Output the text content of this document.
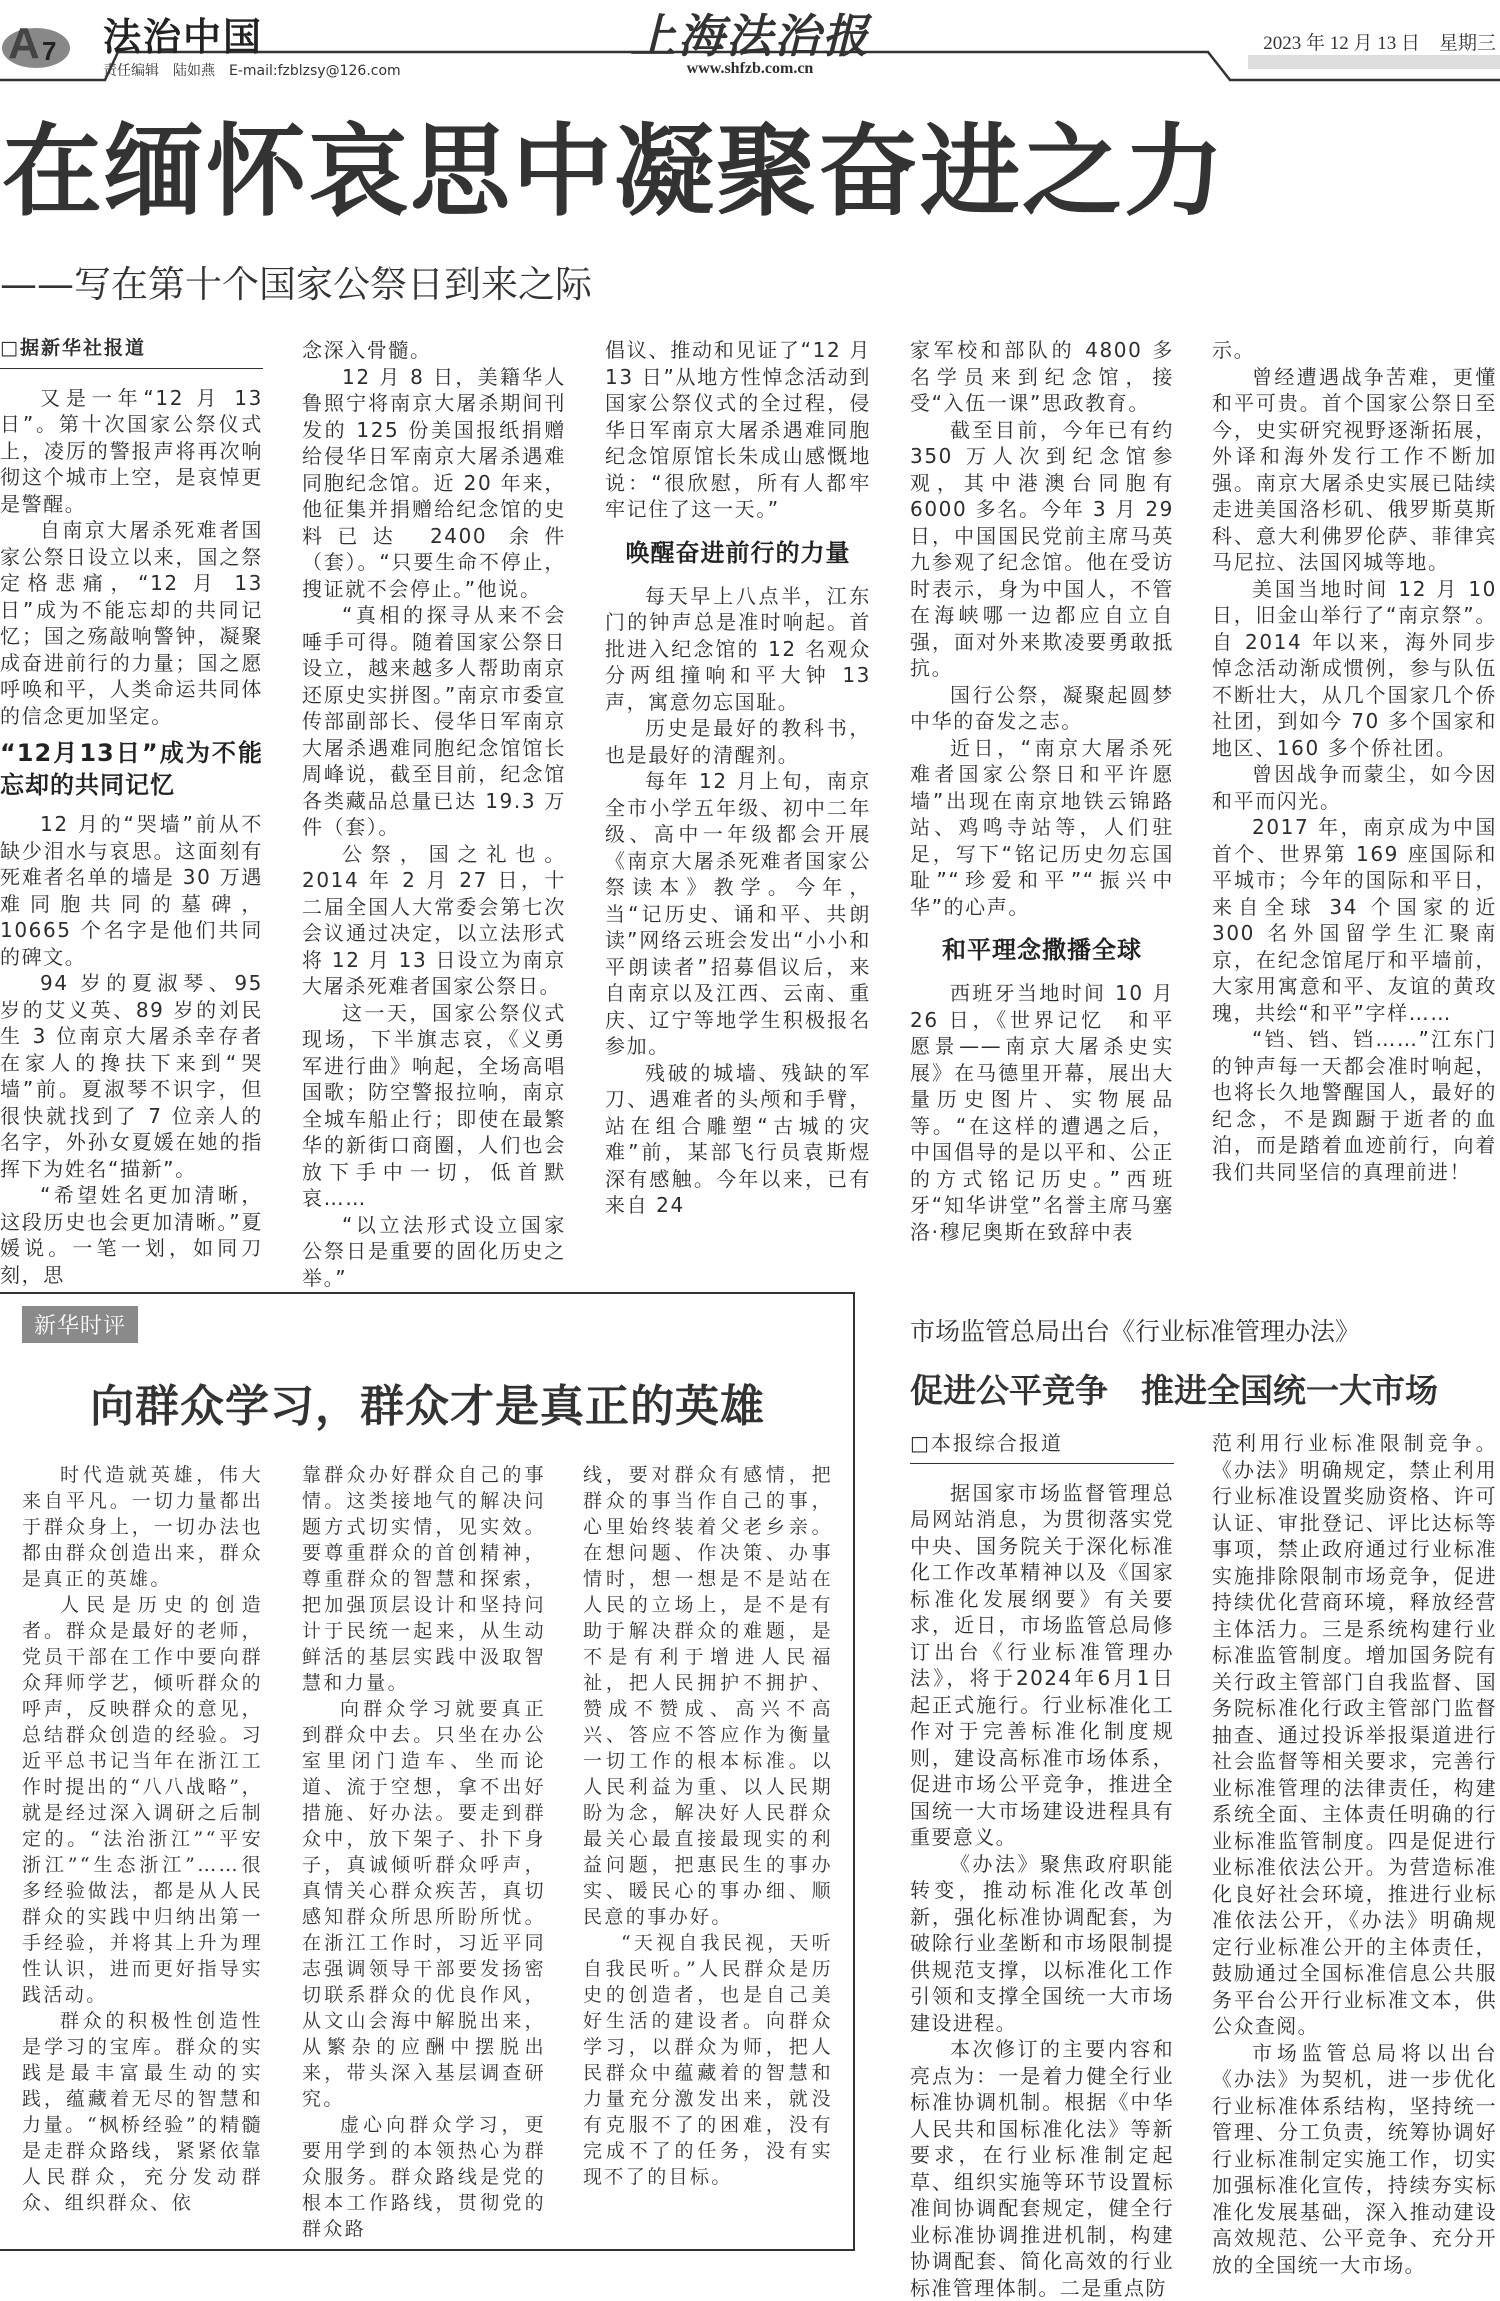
A 7 法治中国
责任编辑 陆如燕 E-mail:fzblzsy@126.com
上海法治报
www.shfzb.com.cn
2023 年 12 月 13 日　星期三
在缅怀哀思中凝聚奋进之力
——写在第十个国家公祭日到来之际
□据新华社报道

又是一年“12 月 13 日”。第十次国家公祭仪式上，凌厉的警报声将再次响彻这个城市上空，是哀悼更是警醒。

自南京大屠杀死难者国家公祭日设立以来，国之祭定格悲痛，“12 月 13 日”成为不能忘却的共同记忆；国之殇敲响警钟，凝聚成奋进前行的力量；国之愿呼唤和平，人类命运共同体的信念更加坚定。

“12月13日”成为不能忘却的共同记忆

12 月的“哭墙”前从不缺少泪水与哀思。这面刻有死难者名单的墙是 30 万遇难同胞共同的墓碑，10665 个名字是他们共同的碑文。

94 岁的夏淑琴、95 岁的艾义英、89 岁的刘民生 3 位南京大屠杀幸存者在家人的搀扶下来到“哭墙”前。夏淑琴不识字，但很快就找到了 7 位亲人的名字，外孙女夏媛在她的指挥下为姓名“描新”。

“希望姓名更加清晰，这段历史也会更加清晰。”夏媛说。一笔一划，如同刀刻，思

念深入骨髓。

12 月 8 日，美籍华人鲁照宁将南京大屠杀期间刊发的 125 份美国报纸捐赠给侵华日军南京大屠杀遇难同胞纪念馆。近 20 年来，他征集并捐赠给纪念馆的史料已达 2400 余件（套）。“只要生命不停止，搜证就不会停止。”他说。

“真相的探寻从来不会唾手可得。随着国家公祭日设立，越来越多人帮助南京还原史实拼图。”南京市委宣传部副部长、侵华日军南京大屠杀遇难同胞纪念馆馆长周峰说，截至目前，纪念馆各类藏品总量已达 19.3 万件（套）。

公祭，国之礼也。2014 年 2 月 27 日，十二届全国人大常委会第七次会议通过决定，以立法形式将 12 月 13 日设立为南京大屠杀死难者国家公祭日。

这一天，国家公祭仪式现场，下半旗志哀，《义勇军进行曲》响起，全场高唱国歌；防空警报拉响，南京全城车船止行；即使在最繁华的新街口商圈，人们也会放下手中一切，低首默哀……

“以立法形式设立国家公祭日是重要的固化历史之举。”

倡议、推动和见证了“12 月 13 日”从地方性悼念活动到国家公祭仪式的全过程，侵华日军南京大屠杀遇难同胞纪念馆原馆长朱成山感慨地说：“很欣慰，所有人都牢牢记住了这一天。”

唤醒奋进前行的力量

每天早上八点半，江东门的钟声总是准时响起。首批进入纪念馆的 12 名观众分两组撞响和平大钟 13 声，寓意勿忘国耻。

历史是最好的教科书，也是最好的清醒剂。

每年 12 月上旬，南京全市小学五年级、初中二年级、高中一年级都会开展《南京大屠杀死难者国家公祭读本》教学。今年，当“记历史、诵和平、共朗读”网络云班会发出“小小和平朗读者”招募倡议后，来自南京以及江西、云南、重庆、辽宁等地学生积极报名参加。

残破的城墙、残缺的军刀、遇难者的头颅和手臂，站在组合雕塑“古城的灾难”前，某部飞行员袁斯煜深有感触。今年以来，已有来自 24

家军校和部队的 4800 多名学员来到纪念馆，接受“入伍一课”思政教育。

截至目前，今年已有约 350 万人次到纪念馆参观，其中港澳台同胞有 6000 多名。今年 3 月 29 日，中国国民党前主席马英九参观了纪念馆。他在受访时表示，身为中国人，不管在海峡哪一边都应自立自强，面对外来欺凌要勇敢抵抗。

国行公祭，凝聚起圆梦中华的奋发之志。

近日，“南京大屠杀死难者国家公祭日和平许愿墙”出现在南京地铁云锦路站、鸡鸣寺站等，人们驻足，写下“铭记历史勿忘国耻”“珍爱和平”“振兴中华”的心声。

和平理念撒播全球

西班牙当地时间 10 月 26 日，《世界记忆　和平愿景——南京大屠杀史实展》在马德里开幕，展出大量历史图片、实物展品等。“在这样的遭遇之后，中国倡导的是以平和、公正的方式铭记历史。”西班牙“知华讲堂”名誉主席马塞洛·穆尼奥斯在致辞中表

示。

曾经遭遇战争苦难，更懂和平可贵。首个国家公祭日至今，史实研究视野逐渐拓展，外译和海外发行工作不断加强。南京大屠杀史实展已陆续走进美国洛杉矶、俄罗斯莫斯科、意大利佛罗伦萨、菲律宾马尼拉、法国冈城等地。

美国当地时间 12 月 10 日，旧金山举行了“南京祭”。自 2014 年以来，海外同步悼念活动渐成惯例，参与队伍不断壮大，从几个国家几个侨社团，到如今 70 多个国家和地区、160 多个侨社团。

曾因战争而蒙尘，如今因和平而闪光。

2017 年，南京成为中国首个、世界第 169 座国际和平城市；今年的国际和平日，来自全球 34 个国家的近 300 名外国留学生汇聚南京，在纪念馆尾厅和平墙前，大家用寓意和平、友谊的黄玫瑰，共绘“和平”字样……

“铛、铛、铛……”江东门的钟声每一天都会准时响起，也将长久地警醒国人，最好的纪念，不是踟蹰于逝者的血泊，而是踏着血迹前行，向着我们共同坚信的真理前进！

新华时评
向群众学习，群众才是真正的英雄

时代造就英雄，伟大来自平凡。一切力量都出于群众身上，一切办法也都由群众创造出来，群众是真正的英雄。

人民是历史的创造者。群众是最好的老师，党员干部在工作中要向群众拜师学艺，倾听群众的呼声，反映群众的意见，总结群众创造的经验。习近平总书记当年在浙江工作时提出的“八八战略”，就是经过深入调研之后制定的。“法治浙江”“平安浙江”“生态浙江”……很多经验做法，都是从人民群众的实践中归纳出第一手经验，并将其上升为理性认识，进而更好指导实践活动。

群众的积极性创造性是学习的宝库。群众的实践是最丰富最生动的实践，蕴藏着无尽的智慧和力量。“枫桥经验”的精髓是走群众路线，紧紧依靠人民群众，充分发动群众、组织群众、依

靠群众办好群众自己的事情。这类接地气的解决问题方式切实情，见实效。要尊重群众的首创精神，尊重群众的智慧和探索，把加强顶层设计和坚持问计于民统一起来，从生动鲜活的基层实践中汲取智慧和力量。

向群众学习就要真正到群众中去。只坐在办公室里闭门造车、坐而论道、流于空想，拿不出好措施、好办法。要走到群众中，放下架子、扑下身子，真诚倾听群众呼声，真情关心群众疾苦，真切感知群众所思所盼所忧。在浙江工作时，习近平同志强调领导干部要发扬密切联系群众的优良作风，从文山会海中解脱出来，从繁杂的应酬中摆脱出来，带头深入基层调查研究。

虚心向群众学习，更要用学到的本领热心为群众服务。群众路线是党的根本工作路线，贯彻党的群众路

线，要对群众有感情，把群众的事当作自己的事，心里始终装着父老乡亲。在想问题、作决策、办事情时，想一想是不是站在人民的立场上，是不是有助于解决群众的难题，是不是有利于增进人民福祉，把人民拥护不拥护、赞成不赞成、高兴不高兴、答应不答应作为衡量一切工作的根本标准。以人民利益为重、以人民期盼为念，解决好人民群众最关心最直接最现实的利益问题，把惠民生的事办实、暖民心的事办细、顺民意的事办好。

“天视自我民视，天听自我民听。”人民群众是历史的创造者，也是自己美好生活的建设者。向群众学习，以群众为师，把人民群众中蕴藏着的智慧和力量充分激发出来，就没有克服不了的困难，没有完成不了的任务，没有实现不了的目标。

市场监管总局出台《行业标准管理办法》
促进公平竞争　推进全国统一大市场
□本报综合报道

据国家市场监督管理总局网站消息，为贯彻落实党中央、国务院关于深化标准化工作改革精神以及《国家标准化发展纲要》有关要求，近日，市场监管总局修订出台《行业标准管理办法》，将于2024年6月1日起正式施行。行业标准化工作对于完善标准化制度规则，建设高标准市场体系，促进市场公平竞争，推进全国统一大市场建设进程具有重要意义。

《办法》聚焦政府职能转变，推动标准化改革创新，强化标准协调配套，为破除行业垄断和市场限制提供规范支撑，以标准化工作引领和支撑全国统一大市场建设进程。

本次修订的主要内容和亮点为：一是着力健全行业标准协调机制。根据《中华人民共和国标准化法》等新要求，在行业标准制定起草、组织实施等环节设置标准间协调配套规定，健全行业标准协调推进机制，构建协调配套、简化高效的行业标准管理体制。二是重点防

范利用行业标准限制竞争。《办法》明确规定，禁止利用行业标准设置奖励资格、许可认证、审批登记、评比达标等事项，禁止政府通过行业标准实施排除限制市场竞争，促进持续优化营商环境，释放经营主体活力。三是系统构建行业标准监管制度。增加国务院有关行政主管部门自我监督、国务院标准化行政主管部门监督抽查、通过投诉举报渠道进行社会监督等相关要求，完善行业标准管理的法律责任，构建系统全面、主体责任明确的行业标准监管制度。四是促进行业标准依法公开。为营造标准化良好社会环境，推进行业标准依法公开，《办法》明确规定行业标准公开的主体责任，鼓励通过全国标准信息公共服务平台公开行业标准文本，供公众查阅。

市场监管总局将以出台《办法》为契机，进一步优化行业标准体系结构，坚持统一管理、分工负责，统筹协调好行业标准制定实施工作，切实加强标准化宣传，持续夯实标准化发展基础，深入推动建设高效规范、公平竞争、充分开放的全国统一大市场。
